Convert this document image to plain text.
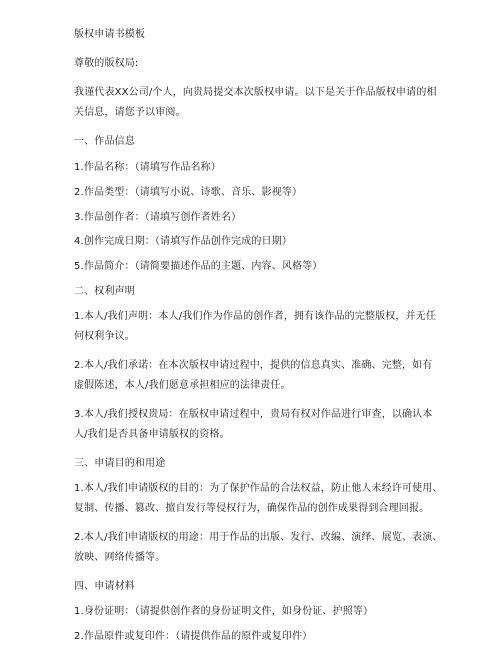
版权申请书模板
尊敬的版权局:
我谨代表XX公司/个人，向贵局提交本次版权申请。以下是关于作品版权申请的相
关信息，请您予以审阅。
一、作品信息
1.作品名称：（请填写作品名称）
2.作品类型：（请填写小说、诗歌、音乐、影视等）
3.作品创作者：（请填写创作者姓名）
4.创作完成日期：（请填写作品创作完成的日期）
5.作品简介：（请简要描述作品的主题、内容、风格等）
二、权利声明
1.本人/我们声明：本人/我们作为作品的创作者，拥有该作品的完整版权，并无任
何权利争议。
2.本人/我们承诺：在本次版权申请过程中，提供的信息真实、准确、完整，如有
虚假陈述，本人/我们愿意承担相应的法律责任。
3.本人/我们授权贵局：在版权申请过程中，贵局有权对作品进行审查，以确认本
人/我们是否具备申请版权的资格。
三、申请目的和用途
1.本人/我们申请版权的目的：为了保护作品的合法权益，防止他人未经许可使用、
复制、传播、篡改、擅自发行等侵权行为，确保作品的创作成果得到合理回报。
2.本人/我们申请版权的用途：用于作品的出版、发行、改编、演绎、展览、表演、
放映、网络传播等。
四、申请材料
1.身份证明：（请提供创作者的身份证明文件，如身份证、护照等）
2.作品原件或复印件：（请提供作品的原件或复印件）
